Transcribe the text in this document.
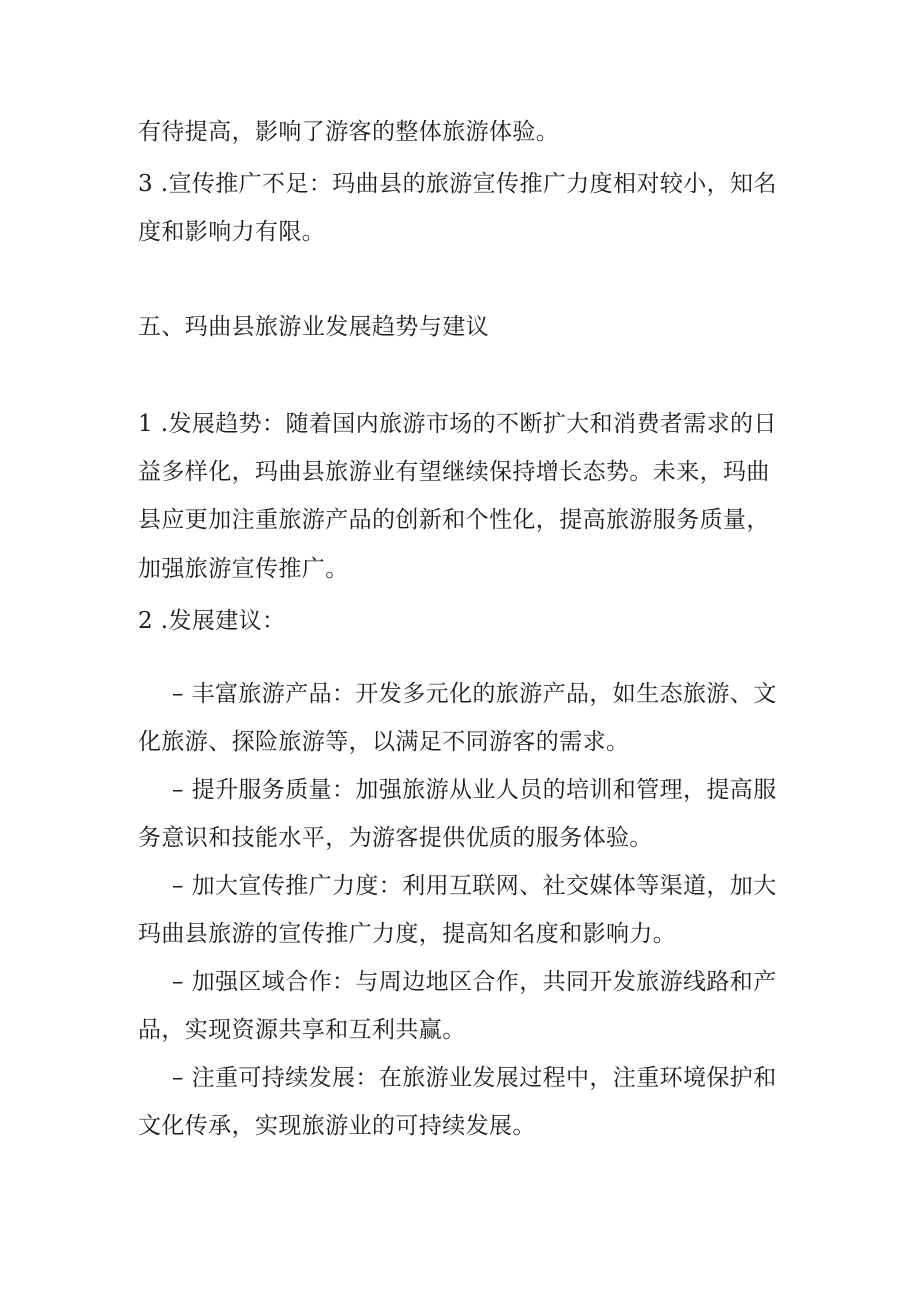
有待提高，影响了游客的整体旅游体验。
3 .宣传推广不足：玛曲县的旅游宣传推广力度相对较小，知名
度和影响力有限。
五、玛曲县旅游业发展趋势与建议
1 .发展趋势：随着国内旅游市场的不断扩大和消费者需求的日
益多样化，玛曲县旅游业有望继续保持增长态势。未来，玛曲
县应更加注重旅游产品的创新和个性化，提高旅游服务质量，
加强旅游宣传推广。
2 .发展建议：
– 丰富旅游产品：开发多元化的旅游产品，如生态旅游、文
化旅游、探险旅游等，以满足不同游客的需求。
– 提升服务质量：加强旅游从业人员的培训和管理，提高服
务意识和技能水平，为游客提供优质的服务体验。
– 加大宣传推广力度：利用互联网、社交媒体等渠道，加大
玛曲县旅游的宣传推广力度，提高知名度和影响力。
– 加强区域合作：与周边地区合作，共同开发旅游线路和产
品，实现资源共享和互利共赢。
– 注重可持续发展：在旅游业发展过程中，注重环境保护和
文化传承，实现旅游业的可持续发展。
